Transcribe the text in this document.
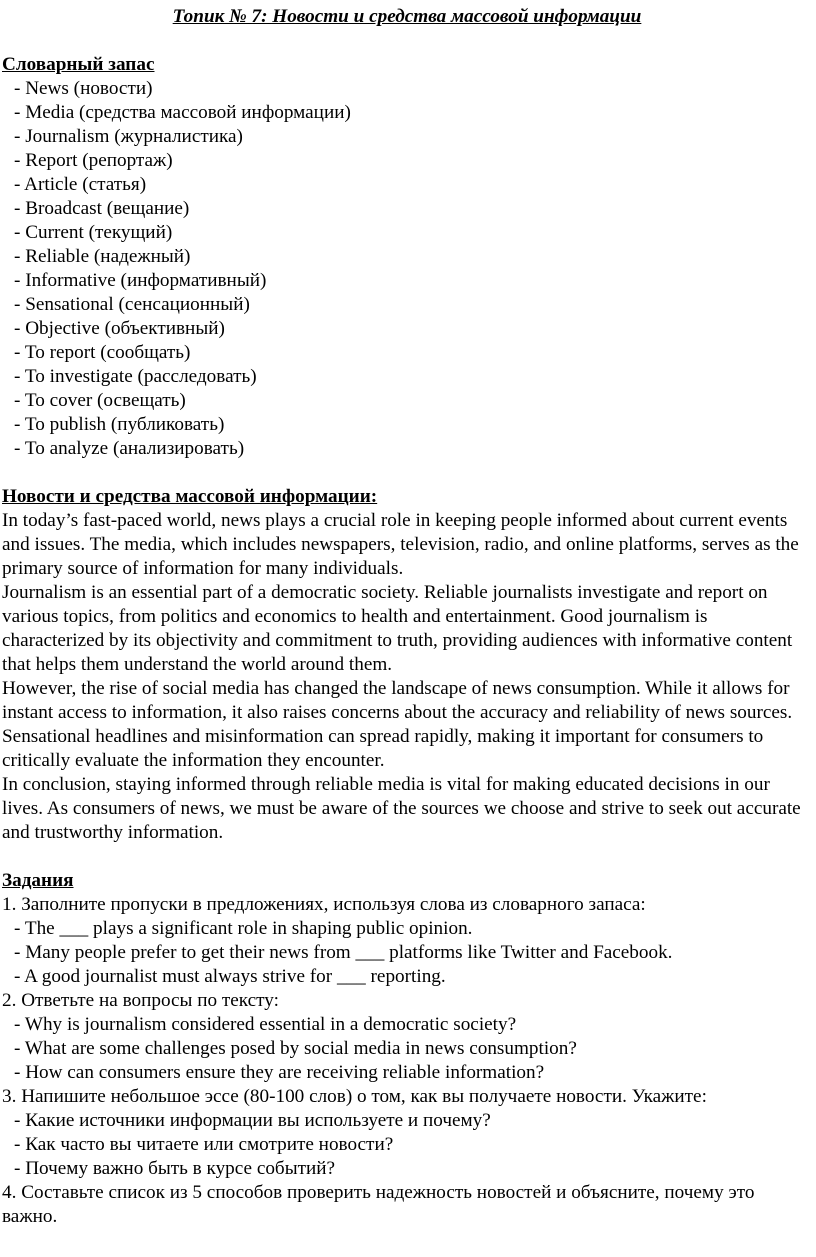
Топик № 7: Новости и средства массовой информации

Словарный запас

- News (новости)
- Media (средства массовой информации)
- Journalism (журналистика)
- Report (репортаж)
- Article (статья)
- Broadcast (вещание)
- Current (текущий)
- Reliable (надежный)
- Informative (информативный)
- Sensational (сенсационный)
- Objective (объективный)
- To report (сообщать)
- To investigate (расследовать)
- To cover (освещать)
- To publish (публиковать)
- To analyze (анализировать)

Новости и средства массовой информации:

In today’s fast-paced world, news plays a crucial role in keeping people informed about current events and issues. The media, which includes newspapers, television, radio, and online platforms, serves as the primary source of information for many individuals.

Journalism is an essential part of a democratic society. Reliable journalists investigate and report on various topics, from politics and economics to health and entertainment. Good journalism is characterized by its objectivity and commitment to truth, providing audiences with informative content that helps them understand the world around them.

However, the rise of social media has changed the landscape of news consumption. While it allows for instant access to information, it also raises concerns about the accuracy and reliability of news sources. Sensational headlines and misinformation can spread rapidly, making it important for consumers to critically evaluate the information they encounter.

In conclusion, staying informed through reliable media is vital for making educated decisions in our lives. As consumers of news, we must be aware of the sources we choose and strive to seek out accurate and trustworthy information.

Задания

1. Заполните пропуски в предложениях, используя слова из словарного запаса:

- The ___ plays a significant role in shaping public opinion.
- Many people prefer to get their news from ___ platforms like Twitter and Facebook.
- A good journalist must always strive for ___ reporting.

2. Ответьте на вопросы по тексту:

- Why is journalism considered essential in a democratic society?
- What are some challenges posed by social media in news consumption?
- How can consumers ensure they are receiving reliable information?

3. Напишите небольшое эссе (80-100 слов) о том, как вы получаете новости. Укажите:

- Какие источники информации вы используете и почему?
- Как часто вы читаете или смотрите новости?
- Почему важно быть в курсе событий?

4. Составьте список из 5 способов проверить надежность новостей и объясните, почему это важно.
